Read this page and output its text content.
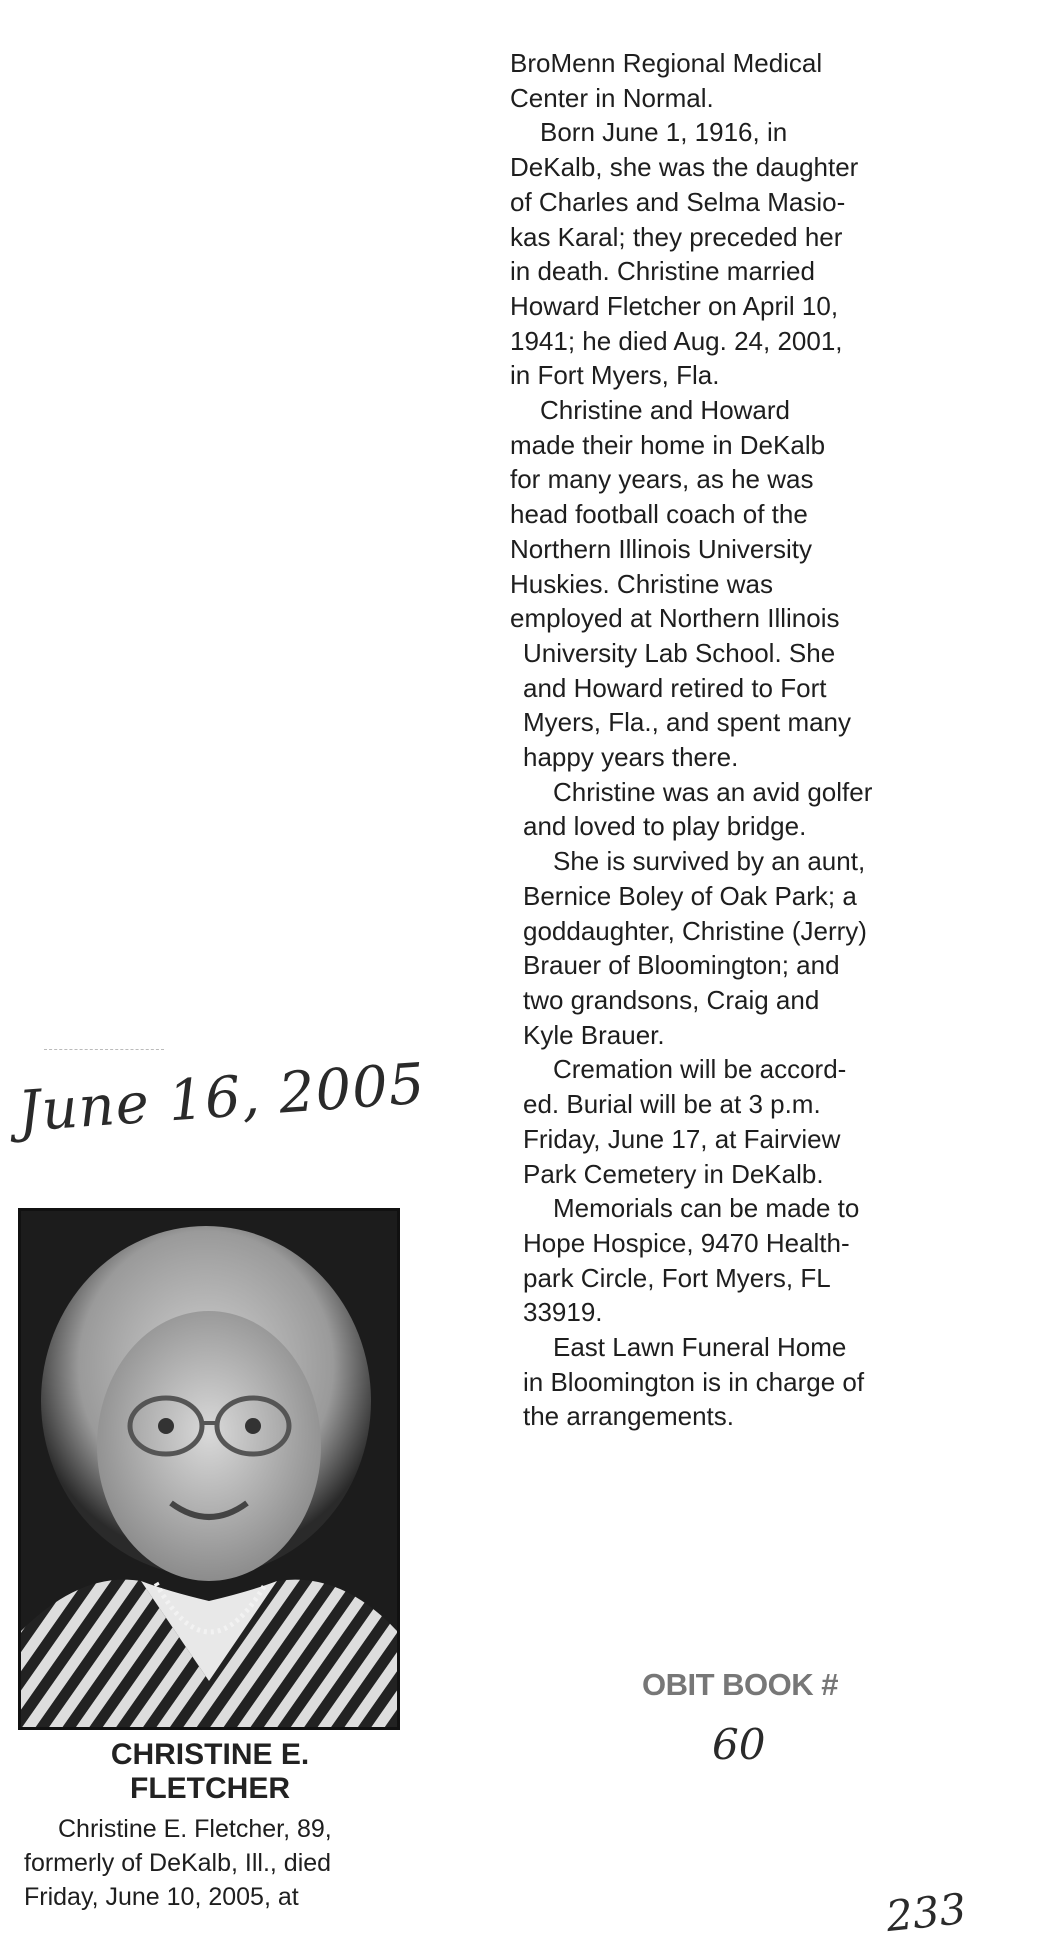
BroMenn Regional Medical
Center in Normal.
Born June 1, 1916, in
DeKalb, she was the daughter
of Charles and Selma Masio-
kas Karal; they preceded her
in death. Christine married
Howard Fletcher on April 10,
1941; he died Aug. 24, 2001,
in Fort Myers, Fla.
Christine and Howard
made their home in DeKalb
for many years, as he was
head football coach of the
Northern Illinois University
Huskies. Christine was
employed at Northern Illinois
University Lab School. She
and Howard retired to Fort
Myers, Fla., and spent many
happy years there.
Christine was an avid golfer
and loved to play bridge.
She is survived by an aunt,
Bernice Boley of Oak Park; a
goddaughter, Christine (Jerry)
Brauer of Bloomington; and
two grandsons, Craig and
Kyle Brauer.
Cremation will be accord-
ed. Burial will be at 3 p.m.
Friday, June 17, at Fairview
Park Cemetery in DeKalb.
Memorials can be made to
Hope Hospice, 9470 Health-
park Circle, Fort Myers, FL
33919.
East Lawn Funeral Home
in Bloomington is in charge of
the arrangements.
June 16, 2005
CHRISTINE E.
FLETCHER
Christine E. Fletcher, 89,
formerly of DeKalb, Ill., died
Friday, June 10, 2005, at
OBIT BOOK #
60
233
